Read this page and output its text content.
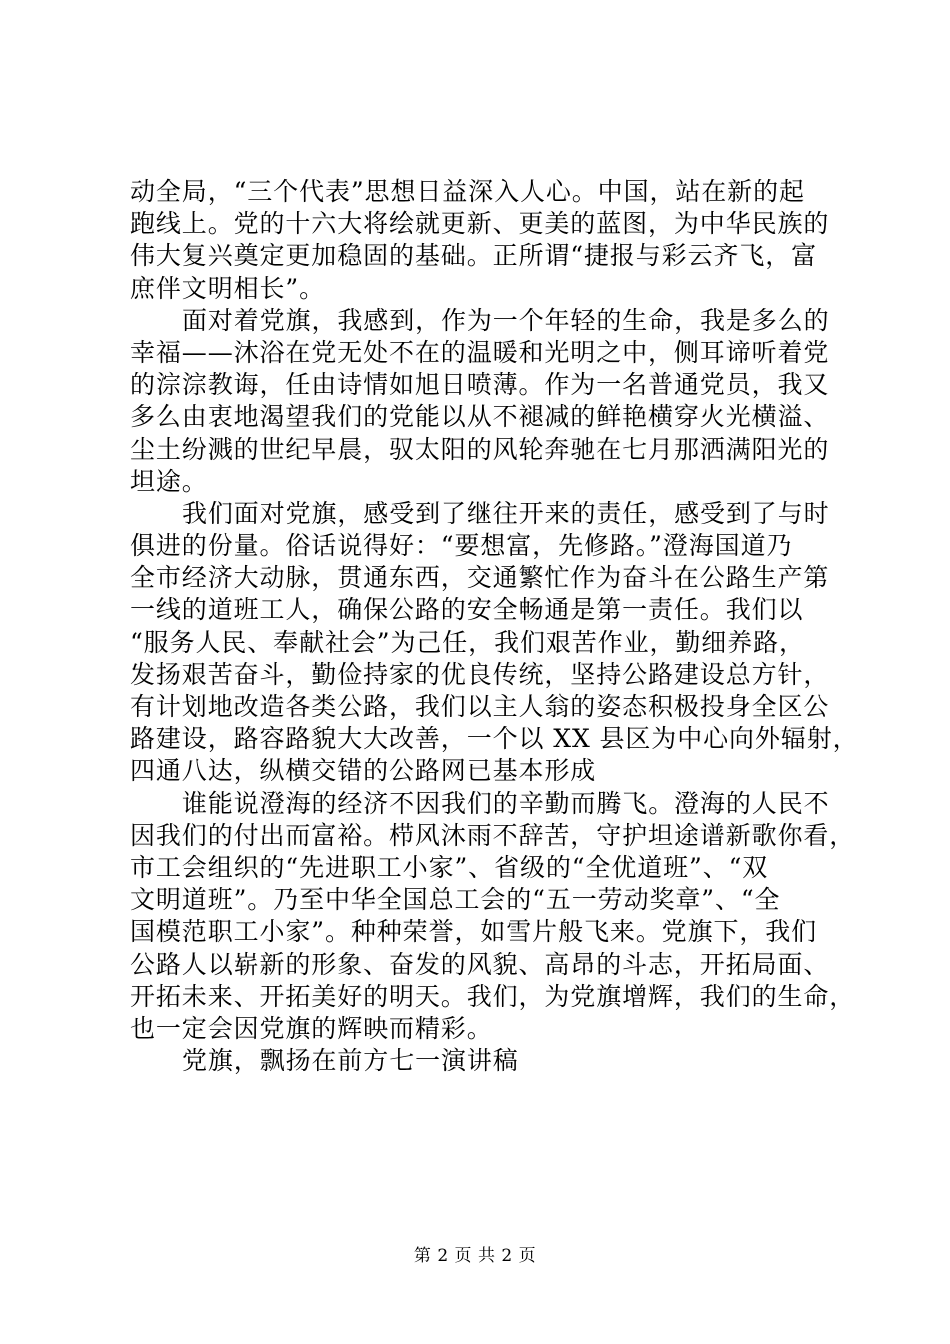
动全局，“三个代表”思想日益深入人心。中国，站在新的起
跑线上。党的十六大将绘就更新、更美的蓝图，为中华民族的
伟大复兴奠定更加稳固的基础。正所谓“捷报与彩云齐飞，富
庶伴文明相长”。
面对着党旗，我感到，作为一个年轻的生命，我是多么的
幸福——沐浴在党无处不在的温暖和光明之中，侧耳谛听着党
的淙淙教诲，任由诗情如旭日喷薄。作为一名普通党员，我又
多么由衷地渴望我们的党能以从不褪减的鲜艳横穿火光横溢、
尘土纷溅的世纪早晨，驭太阳的风轮奔驰在七月那洒满阳光的
坦途。
我们面对党旗，感受到了继往开来的责任，感受到了与时
俱进的份量。俗话说得好：“要想富，先修路。”澄海国道乃
全市经济大动脉，贯通东西，交通繁忙作为奋斗在公路生产第
一线的道班工人，确保公路的安全畅通是第一责任。我们以
“服务人民、奉献社会”为己任，我们艰苦作业，勤细养路，
发扬艰苦奋斗，勤俭持家的优良传统，坚持公路建设总方针，
有计划地改造各类公路，我们以主人翁的姿态积极投身全区公
路建设，路容路貌大大改善，一个以 XX 县区为中心向外辐射，
四通八达，纵横交错的公路网已基本形成
谁能说澄海的经济不因我们的辛勤而腾飞。澄海的人民不
因我们的付出而富裕。栉风沐雨不辞苦，守护坦途谱新歌你看，
市工会组织的“先进职工小家”、省级的“全优道班”、“双
文明道班”。乃至中华全国总工会的“五一劳动奖章”、“全
国模范职工小家”。种种荣誉，如雪片般飞来。党旗下，我们
公路人以崭新的形象、奋发的风貌、高昂的斗志，开拓局面、
开拓未来、开拓美好的明天。我们，为党旗增辉，我们的生命，
也一定会因党旗的辉映而精彩。
党旗，飘扬在前方七一演讲稿
第 2 页 共 2 页
